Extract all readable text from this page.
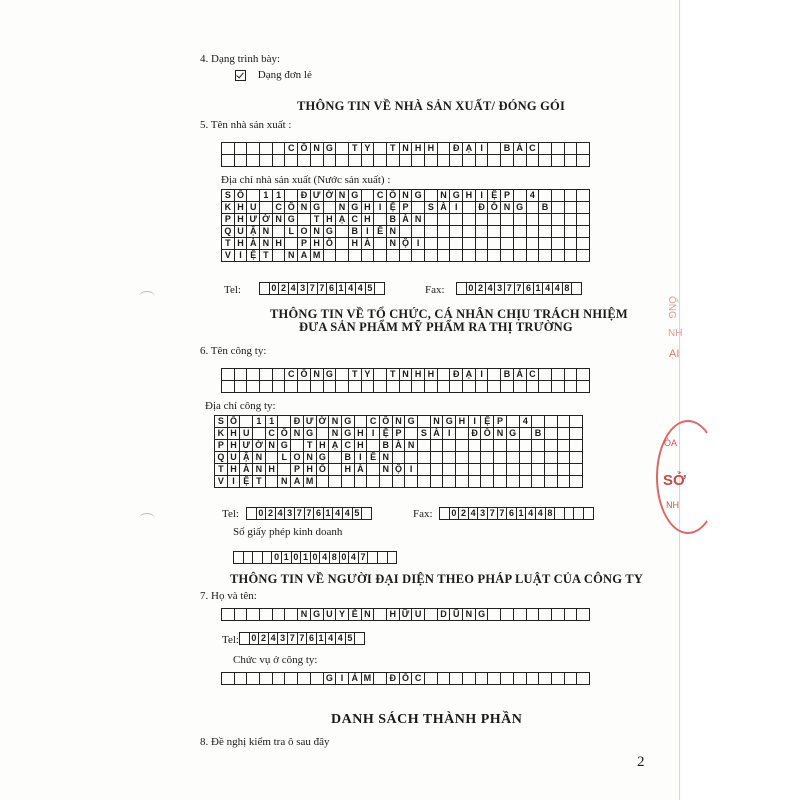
4. Dạng trình bày:
Dạng đơn lẻ
THÔNG TIN VỀ NHÀ SẢN XUẤT/ ĐÓNG GÓI
5. Tên nhà sản xuất :
C Ô N G	T Y	T N H H	Đ Ạ I	B Á C
Địa chỉ nhà sản xuất (Nước sản xuất) :
S Ố	1 1	Đ Ư Ờ N G	C Ô N G	N G H I Ệ P	4
K H U	C Ô N G	N G H I Ệ P	S À I	Đ Ồ N G	B
P H Ư Ờ N G	T H Ạ C H	B À N
Q U Ậ N	L O N G	B I Ê N
T H À N H	P H Ố	H À	N Ộ I
V I Ệ T	N A M
Tel:	0 2 4 3 7 7 6 1 4 4 5	Fax:	0 2 4 3 7 7 6 1 4 4 8
THÔNG TIN VỀ TỔ CHỨC, CÁ NHÂN CHỊU TRÁCH NHIỆM
ĐƯA SẢN PHẨM MỸ PHẨM RA THỊ TRƯỜNG
6. Tên công ty:
C Ô N G	T Y	T N H H	Đ Ạ I	B Á C
Địa chỉ công ty:
S Ố	1 1	Đ Ư Ờ N G	C Ô N G	N G H I Ệ P	4
K H U	C Ô N G	N G H I Ệ P	S À I	Đ Ồ N G	B
P H Ư Ờ N G	T H Ạ C H	B À N
Q U Ậ N	L O N G	B I Ê N
T H À N H	P H Ố	H À	N Ộ I
V I Ệ T	N A M
Tel:	0 2 4 3 7 7 6 1 4 4 5	Fax:	0 2 4 3 7 7 6 1 4 4 8
Số giấy phép kinh doanh
0 1 0 1 0 4 8 0 4 7
THÔNG TIN VỀ NGƯỜI ĐẠI DIỆN THEO PHÁP LUẬT CỦA CÔNG TY
7. Họ và tên:
N G U Y Ễ N	H Ữ U	D Ũ N G
Tel:	0 2 4 3 7 7 6 1 4 4 5
Chức vụ ở công ty:
G I Á M	Đ Ố C
DANH SÁCH THÀNH PHẦN
8. Đề nghị kiểm tra ô sau đây
2
ỐNG
NH
ẠI
ÒA
SỞ
NH
